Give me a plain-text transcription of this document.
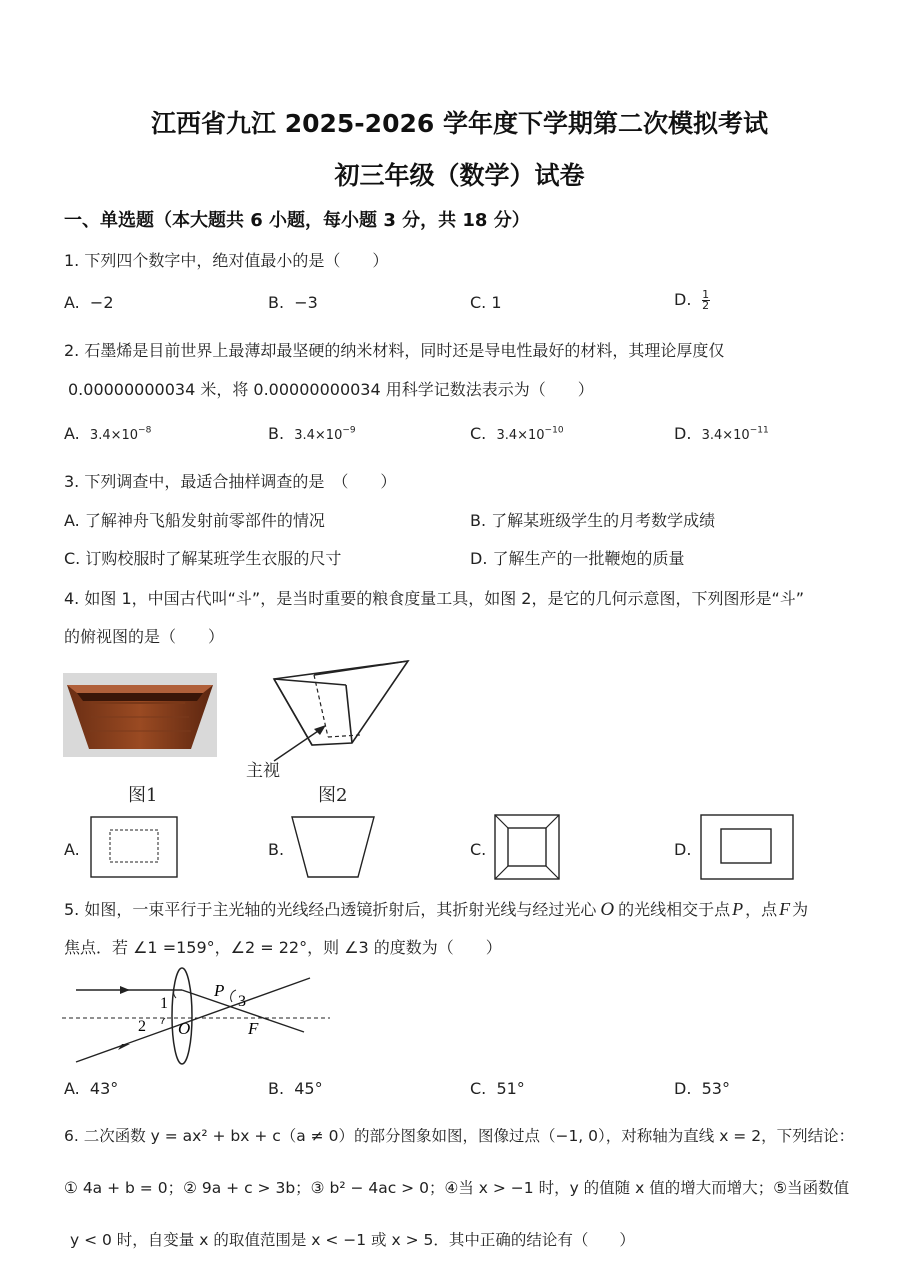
江西省九江 2025-2026 学年度下学期第二次模拟考试
初三年级（数学）试卷
一、单选题（本大题共 6 小题，每小题 3 分，共 18 分）
1. 下列四个数字中，绝对值最小的是（　　）
A. −2	B. −3	C. 1	D. $\frac{1}{2}$
2. 石墨烯是目前世界上最薄却最坚硬的纳米材料，同时还是导电性最好的材料，其理论厚度仅
0.00000000034 米，将 0.00000000034 用科学记数法表示为（　　）
A. $3.4\times 10^{-8}$	B. $3.4\times 10^{-9}$	C. $3.4\times 10^{-10}$	D. $3.4\times 10^{-11}$
3. 下列调查中，最适合抽样调查的是　（　　）
A. 了解神舟飞船发射前零部件的情况	B. 了解某班级学生的月考数学成绩
C. 订购校服时了解某班学生衣服的尺寸	D. 了解生产的一批鞭炮的质量
4. 如图 1，中国古代叫“斗”，是当时重要的粮食度量工具，如图 2，是它的几何示意图，下列图形是“斗”
的俯视图的是（　　）
图1
主视
图2
A.	B.	C.	D.
5. 如图，一束平行于主光轴的光线经凸透镜折射后，其折射光线与经过光心 O 的光线相交于点 P ，点 F 为
焦点．若 ∠1 =159°，∠2 = 22°，则 ∠3 的度数为（　　）
1
2
3
P
O	F
A. 43°	B. 45°	C. 51°	D. 53°
6. 二次函数 y = ax² + bx + c（a ≠ 0）的部分图象如图，图像过点（−1, 0），对称轴为直线 x = 2，下列结论：
① 4a + b = 0；② 9a + c > 3b；③ b² − 4ac > 0；④当 x > −1 时，y 的值随 x 值的增大而增大；⑤当函数值
y < 0 时，自变量 x 的取值范围是 x < −1 或 x > 5．其中正确的结论有（　　）
